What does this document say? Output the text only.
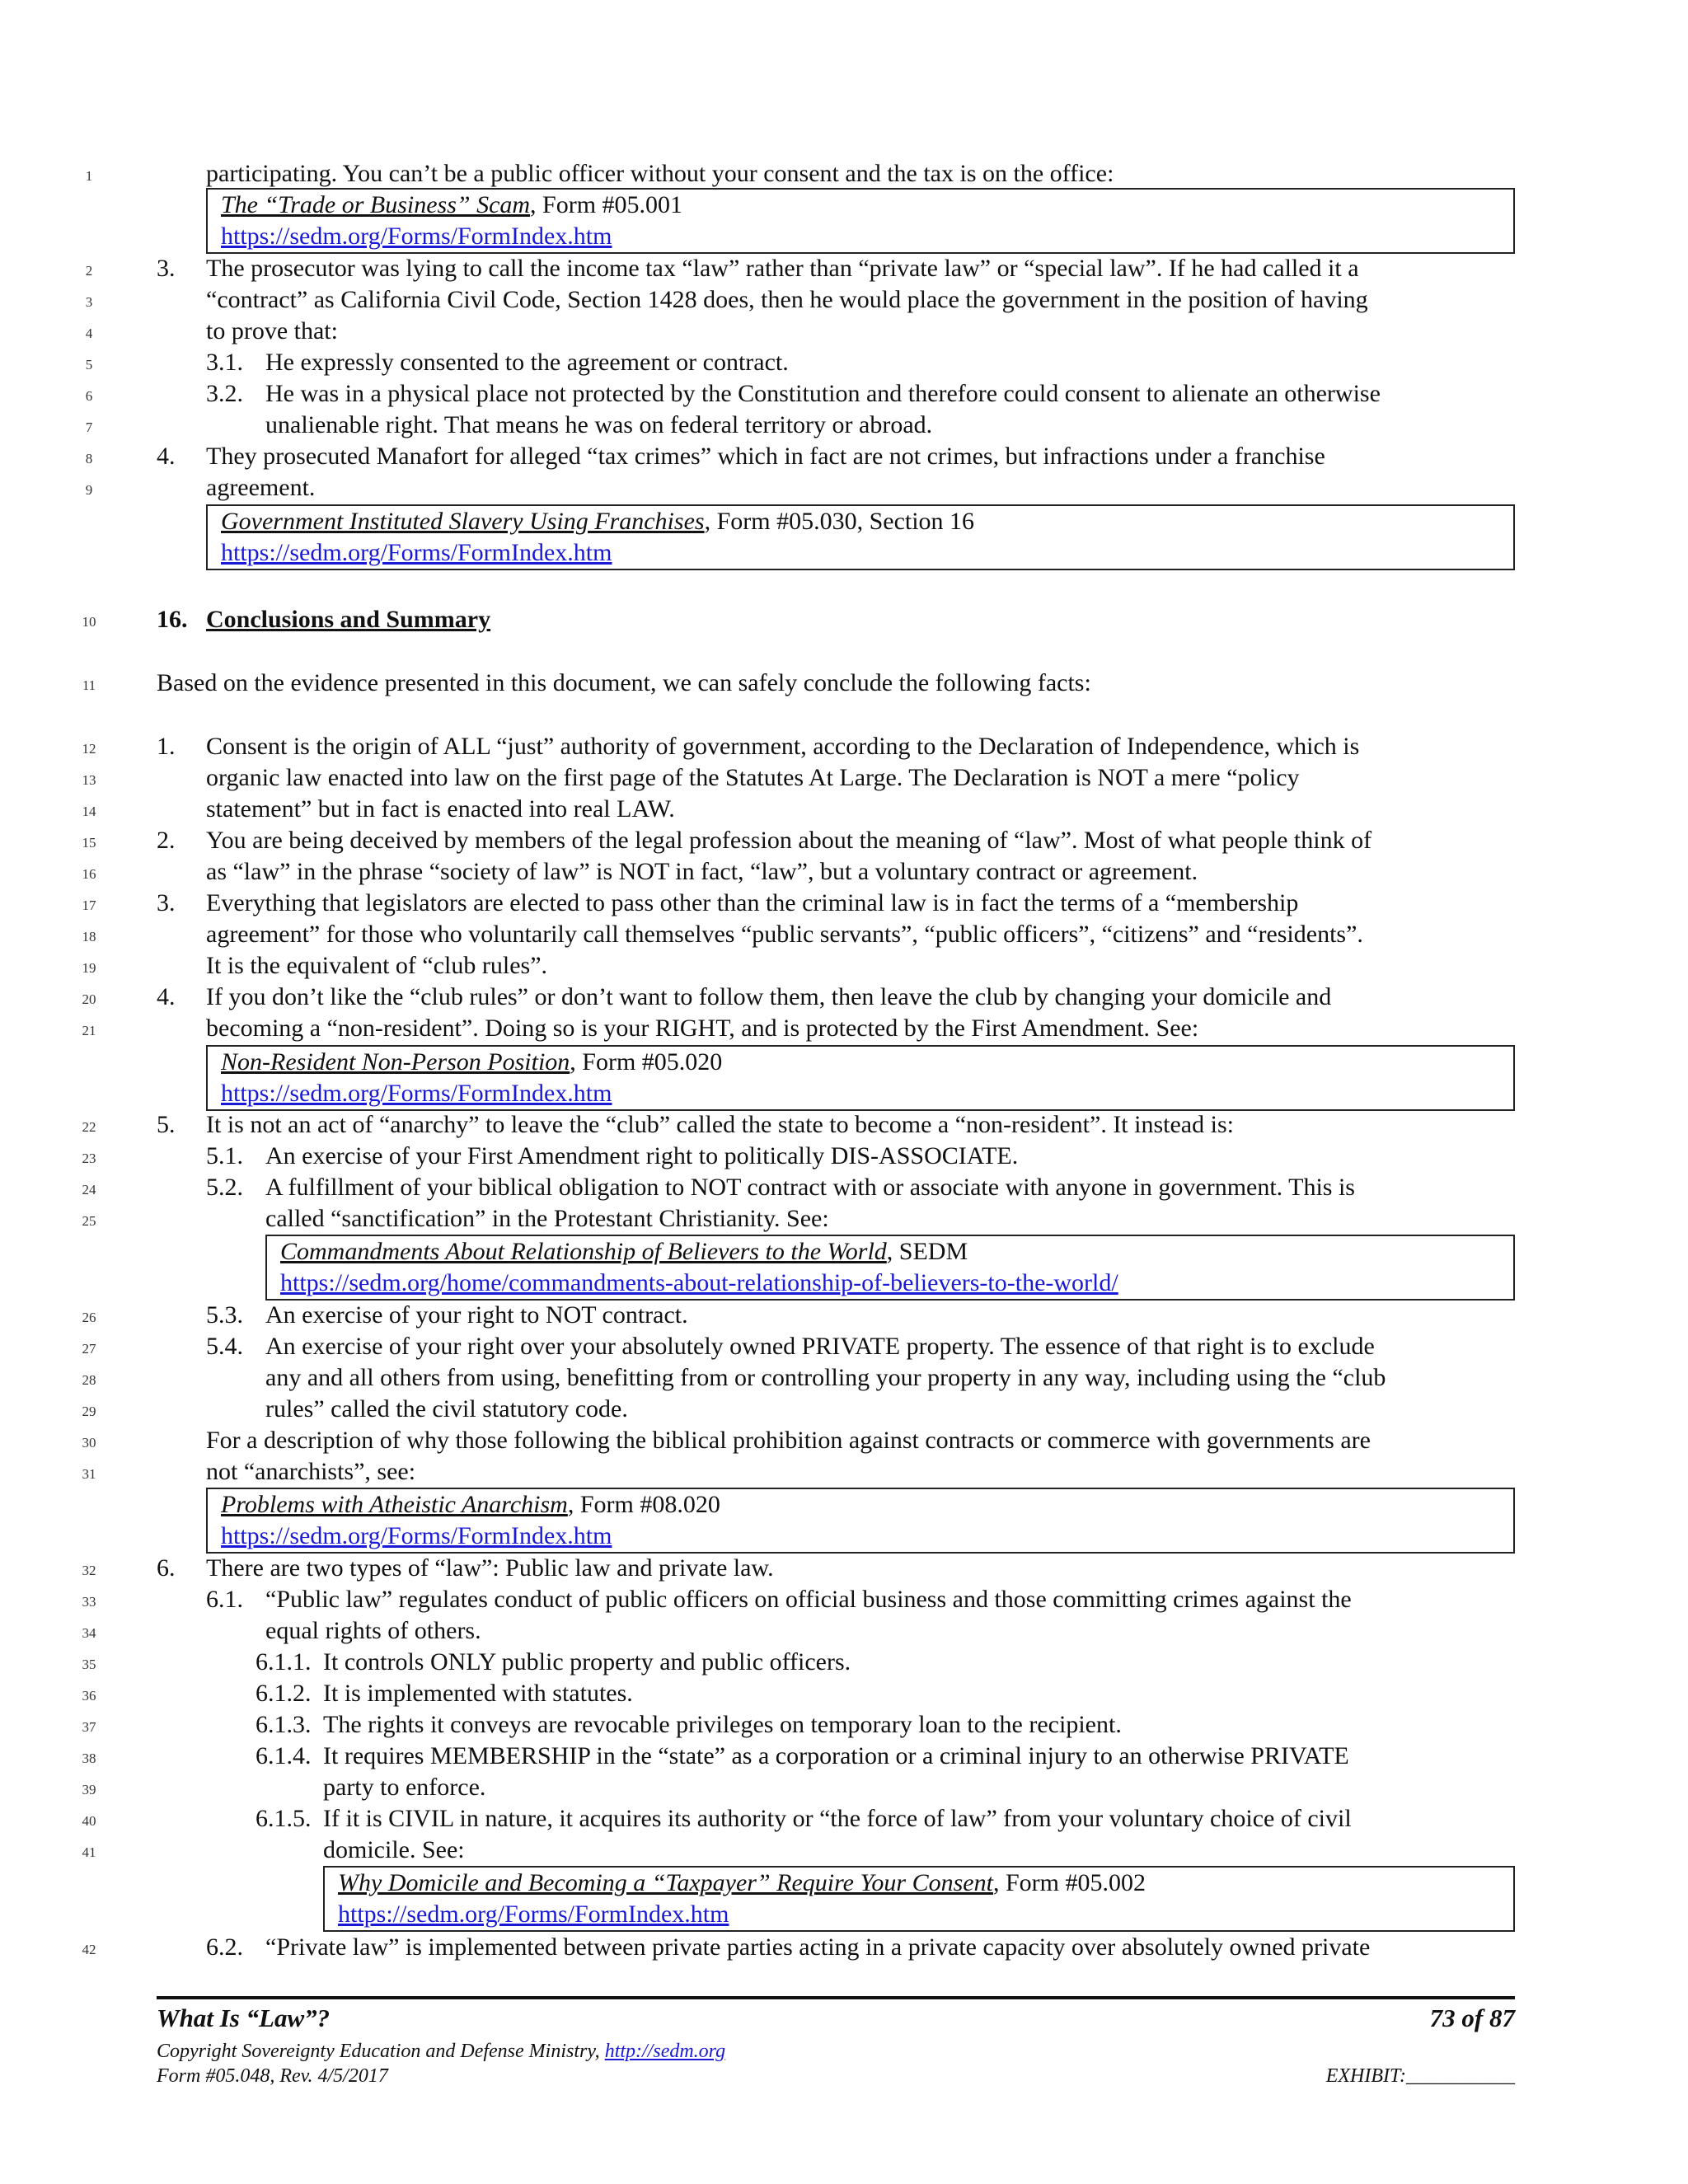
1	participating. You can’t be a public officer without your consent and the tax is on the office:
The “Trade or Business” Scam, Form #05.001
https://sedm.org/Forms/FormIndex.htm
2	3. The prosecutor was lying to call the income tax “law” rather than “private law” or “special law”. If he had called it a
3	“contract” as California Civil Code, Section 1428 does, then he would place the government in the position of having
4	to prove that:
5	3.1. He expressly consented to the agreement or contract.
6	3.2. He was in a physical place not protected by the Constitution and therefore could consent to alienate an otherwise
7	unalienable right. That means he was on federal territory or abroad.
8	4. They prosecuted Manafort for alleged “tax crimes” which in fact are not crimes, but infractions under a franchise
9	agreement.
Government Instituted Slavery Using Franchises, Form #05.030, Section 16
https://sedm.org/Forms/FormIndex.htm
10	16. Conclusions and Summary
11	Based on the evidence presented in this document, we can safely conclude the following facts:
12	1. Consent is the origin of ALL “just” authority of government, according to the Declaration of Independence, which is
13	organic law enacted into law on the first page of the Statutes At Large. The Declaration is NOT a mere “policy
14	statement” but in fact is enacted into real LAW.
15	2. You are being deceived by members of the legal profession about the meaning of “law”. Most of what people think of
16	as “law” in the phrase “society of law” is NOT in fact, “law”, but a voluntary contract or agreement.
17	3. Everything that legislators are elected to pass other than the criminal law is in fact the terms of a “membership
18	agreement” for those who voluntarily call themselves “public servants”, “public officers”, “citizens” and “residents”.
19	It is the equivalent of “club rules”.
20	4. If you don’t like the “club rules” or don’t want to follow them, then leave the club by changing your domicile and
21	becoming a “non-resident”. Doing so is your RIGHT, and is protected by the First Amendment. See:
Non-Resident Non-Person Position, Form #05.020
https://sedm.org/Forms/FormIndex.htm
22	5. It is not an act of “anarchy” to leave the “club” called the state to become a “non-resident”. It instead is:
23	5.1. An exercise of your First Amendment right to politically DIS-ASSOCIATE.
24	5.2. A fulfillment of your biblical obligation to NOT contract with or associate with anyone in government. This is
25	called “sanctification” in the Protestant Christianity. See:
Commandments About Relationship of Believers to the World, SEDM
https://sedm.org/home/commandments-about-relationship-of-believers-to-the-world/
26	5.3. An exercise of your right to NOT contract.
27	5.4. An exercise of your right over your absolutely owned PRIVATE property. The essence of that right is to exclude
28	any and all others from using, benefitting from or controlling your property in any way, including using the “club
29	rules” called the civil statutory code.
30	For a description of why those following the biblical prohibition against contracts or commerce with governments are
31	not “anarchists”, see:
Problems with Atheistic Anarchism, Form #08.020
https://sedm.org/Forms/FormIndex.htm
32	6. There are two types of “law”: Public law and private law.
33	6.1. “Public law” regulates conduct of public officers on official business and those committing crimes against the
34	equal rights of others.
35	6.1.1. It controls ONLY public property and public officers.
36	6.1.2. It is implemented with statutes.
37	6.1.3. The rights it conveys are revocable privileges on temporary loan to the recipient.
38	6.1.4. It requires MEMBERSHIP in the “state” as a corporation or a criminal injury to an otherwise PRIVATE
39	party to enforce.
40	6.1.5. If it is CIVIL in nature, it acquires its authority or “the force of law” from your voluntary choice of civil
41	domicile. See:
Why Domicile and Becoming a “Taxpayer” Require Your Consent, Form #05.002
https://sedm.org/Forms/FormIndex.htm
42	6.2. “Private law” is implemented between private parties acting in a private capacity over absolutely owned private
What Is “Law”?	73 of 87
Copyright Sovereignty Education and Defense Ministry, http://sedm.org
Form #05.048, Rev. 4/5/2017	EXHIBIT:___________
